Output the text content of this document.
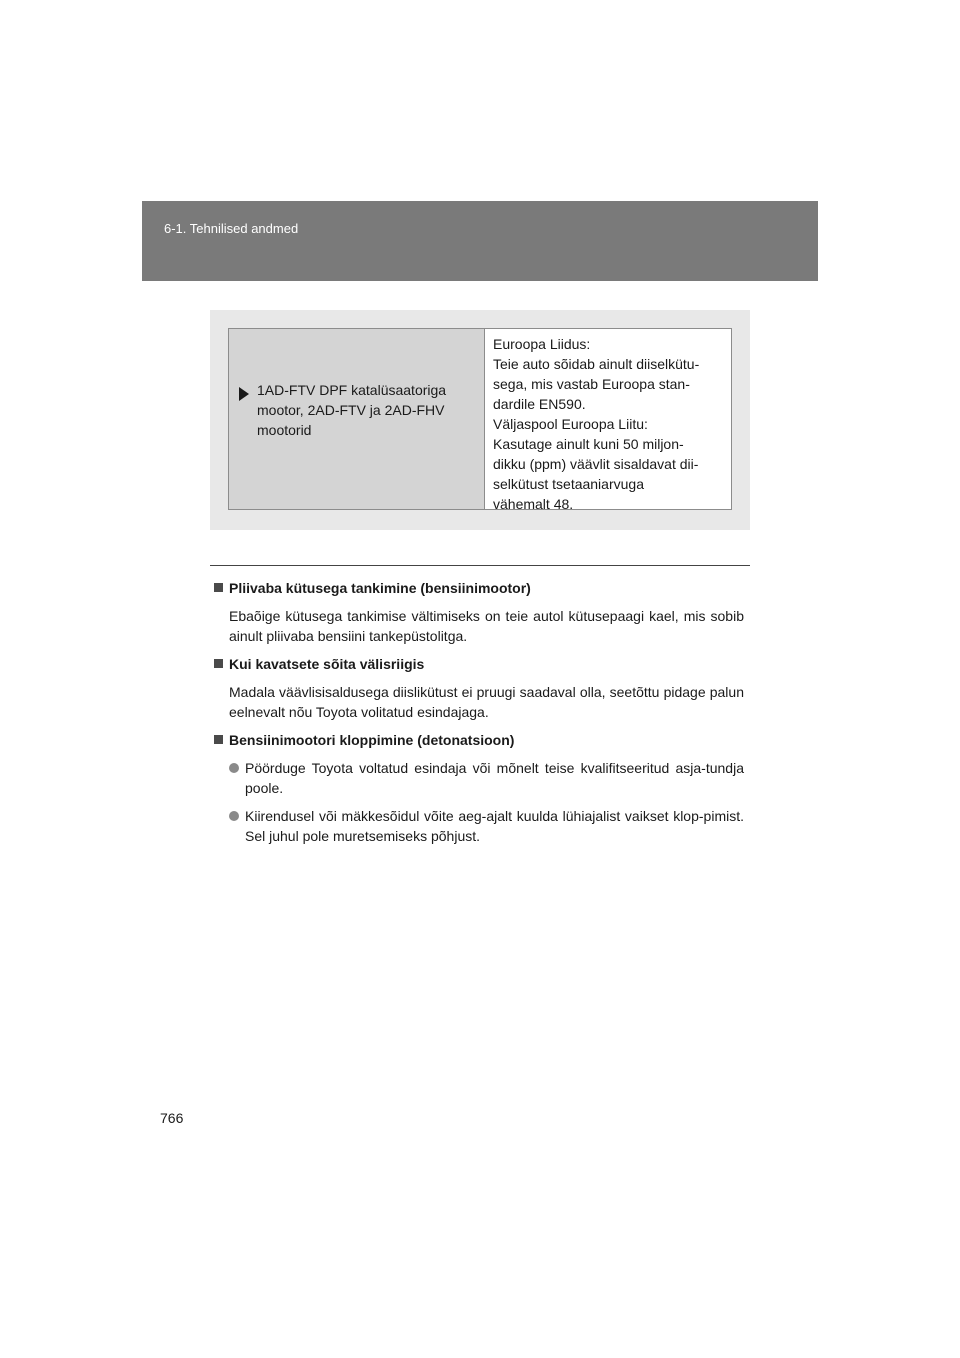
6-1. Tehnilised andmed
1AD-FTV DPF katalüsaatoriga mootor, 2AD-FTV ja 2AD-FHV mootorid
Euroopa Liidus:
Teie auto sõidab ainult diiselkütu-
sega, mis vastab Euroopa stan-
dardile EN590.
Väljaspool Euroopa Liitu:
Kasutage ainult kuni 50 miljon-
dikku (ppm) väävlit sisaldavat dii-
selkütust tsetaaniarvuga
vähemalt 48.
Pliivaba kütusega tankimine (bensiinimootor)
Ebaõige kütusega tankimise vältimiseks on teie autol kütusepaagi kael, mis sobib ainult pliivaba bensiini tankepüstolitga.
Kui kavatsete sõita välisriigis
Madala väävlisisaldusega diislikütust ei pruugi saadaval olla, seetõttu pidage palun eelnevalt nõu Toyota volitatud esindajaga.
Bensiinimootori kloppimine (detonatsioon)
Pöörduge Toyota voltatud esindaja või mõnelt teise kvalifitseeritud asja-tundja poole.
Kiirendusel või mäkkesõidul võite aeg-ajalt kuulda lühiajalist vaikset klop-pimist. Sel juhul pole muretsemiseks põhjust.
766
